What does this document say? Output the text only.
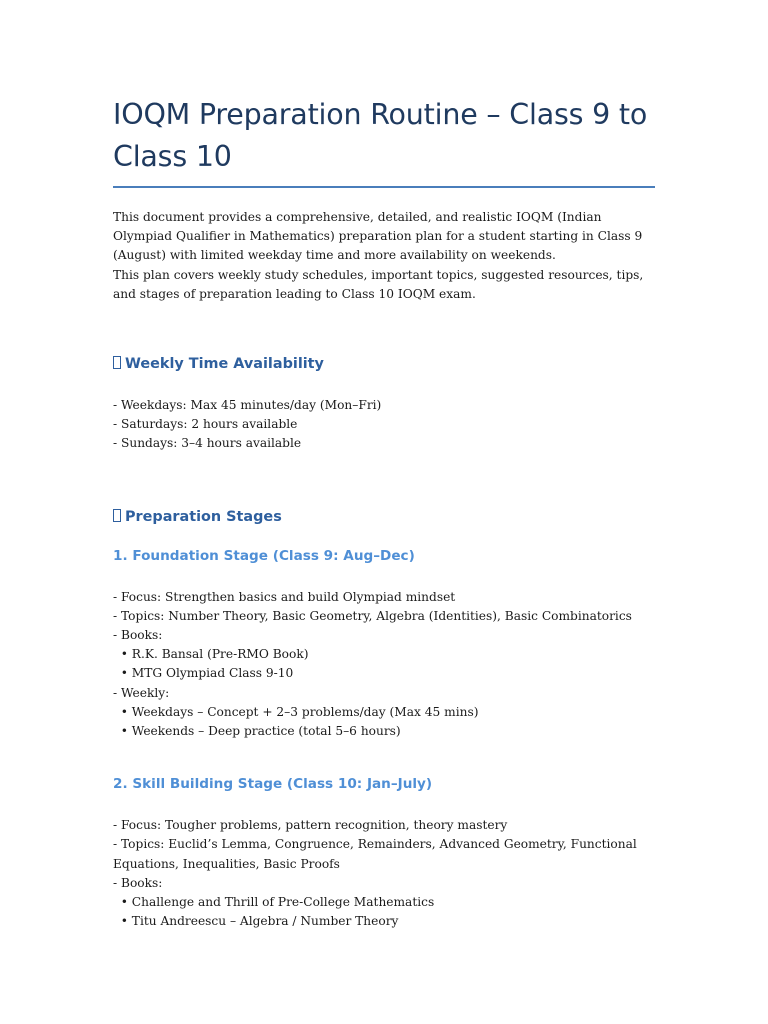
IOQM Preparation Routine – Class 9 to
Class 10

This document provides a comprehensive, detailed, and realistic IOQM (Indian Olympiad Qualifier in Mathematics) preparation plan for a student starting in Class 9 (August) with limited weekday time and more availability on weekends.

This plan covers weekly study schedules, important topics, suggested resources, tips, and stages of preparation leading to Class 10 IOQM exam.

Weekly Time Availability
- Weekdays: Max 45 minutes/day (Mon–Fri)
- Saturdays: 2 hours available
- Sundays: 3–4 hours available
Preparation Stages
1. Foundation Stage (Class 9: Aug–Dec)
- Focus: Strengthen basics and build Olympiad mindset
- Topics: Number Theory, Basic Geometry, Algebra (Identities), Basic Combinatorics
- Books:
• R.K. Bansal (Pre-RMO Book)
• MTG Olympiad Class 9-10
- Weekly:
• Weekdays – Concept + 2–3 problems/day (Max 45 mins)
• Weekends – Deep practice (total 5–6 hours)
2. Skill Building Stage (Class 10: Jan–July)
- Focus: Tougher problems, pattern recognition, theory mastery
- Topics: Euclid’s Lemma, Congruence, Remainders, Advanced Geometry, Functional
Equations, Inequalities, Basic Proofs
- Books:
• Challenge and Thrill of Pre-College Mathematics
• Titu Andreescu – Algebra / Number Theory
